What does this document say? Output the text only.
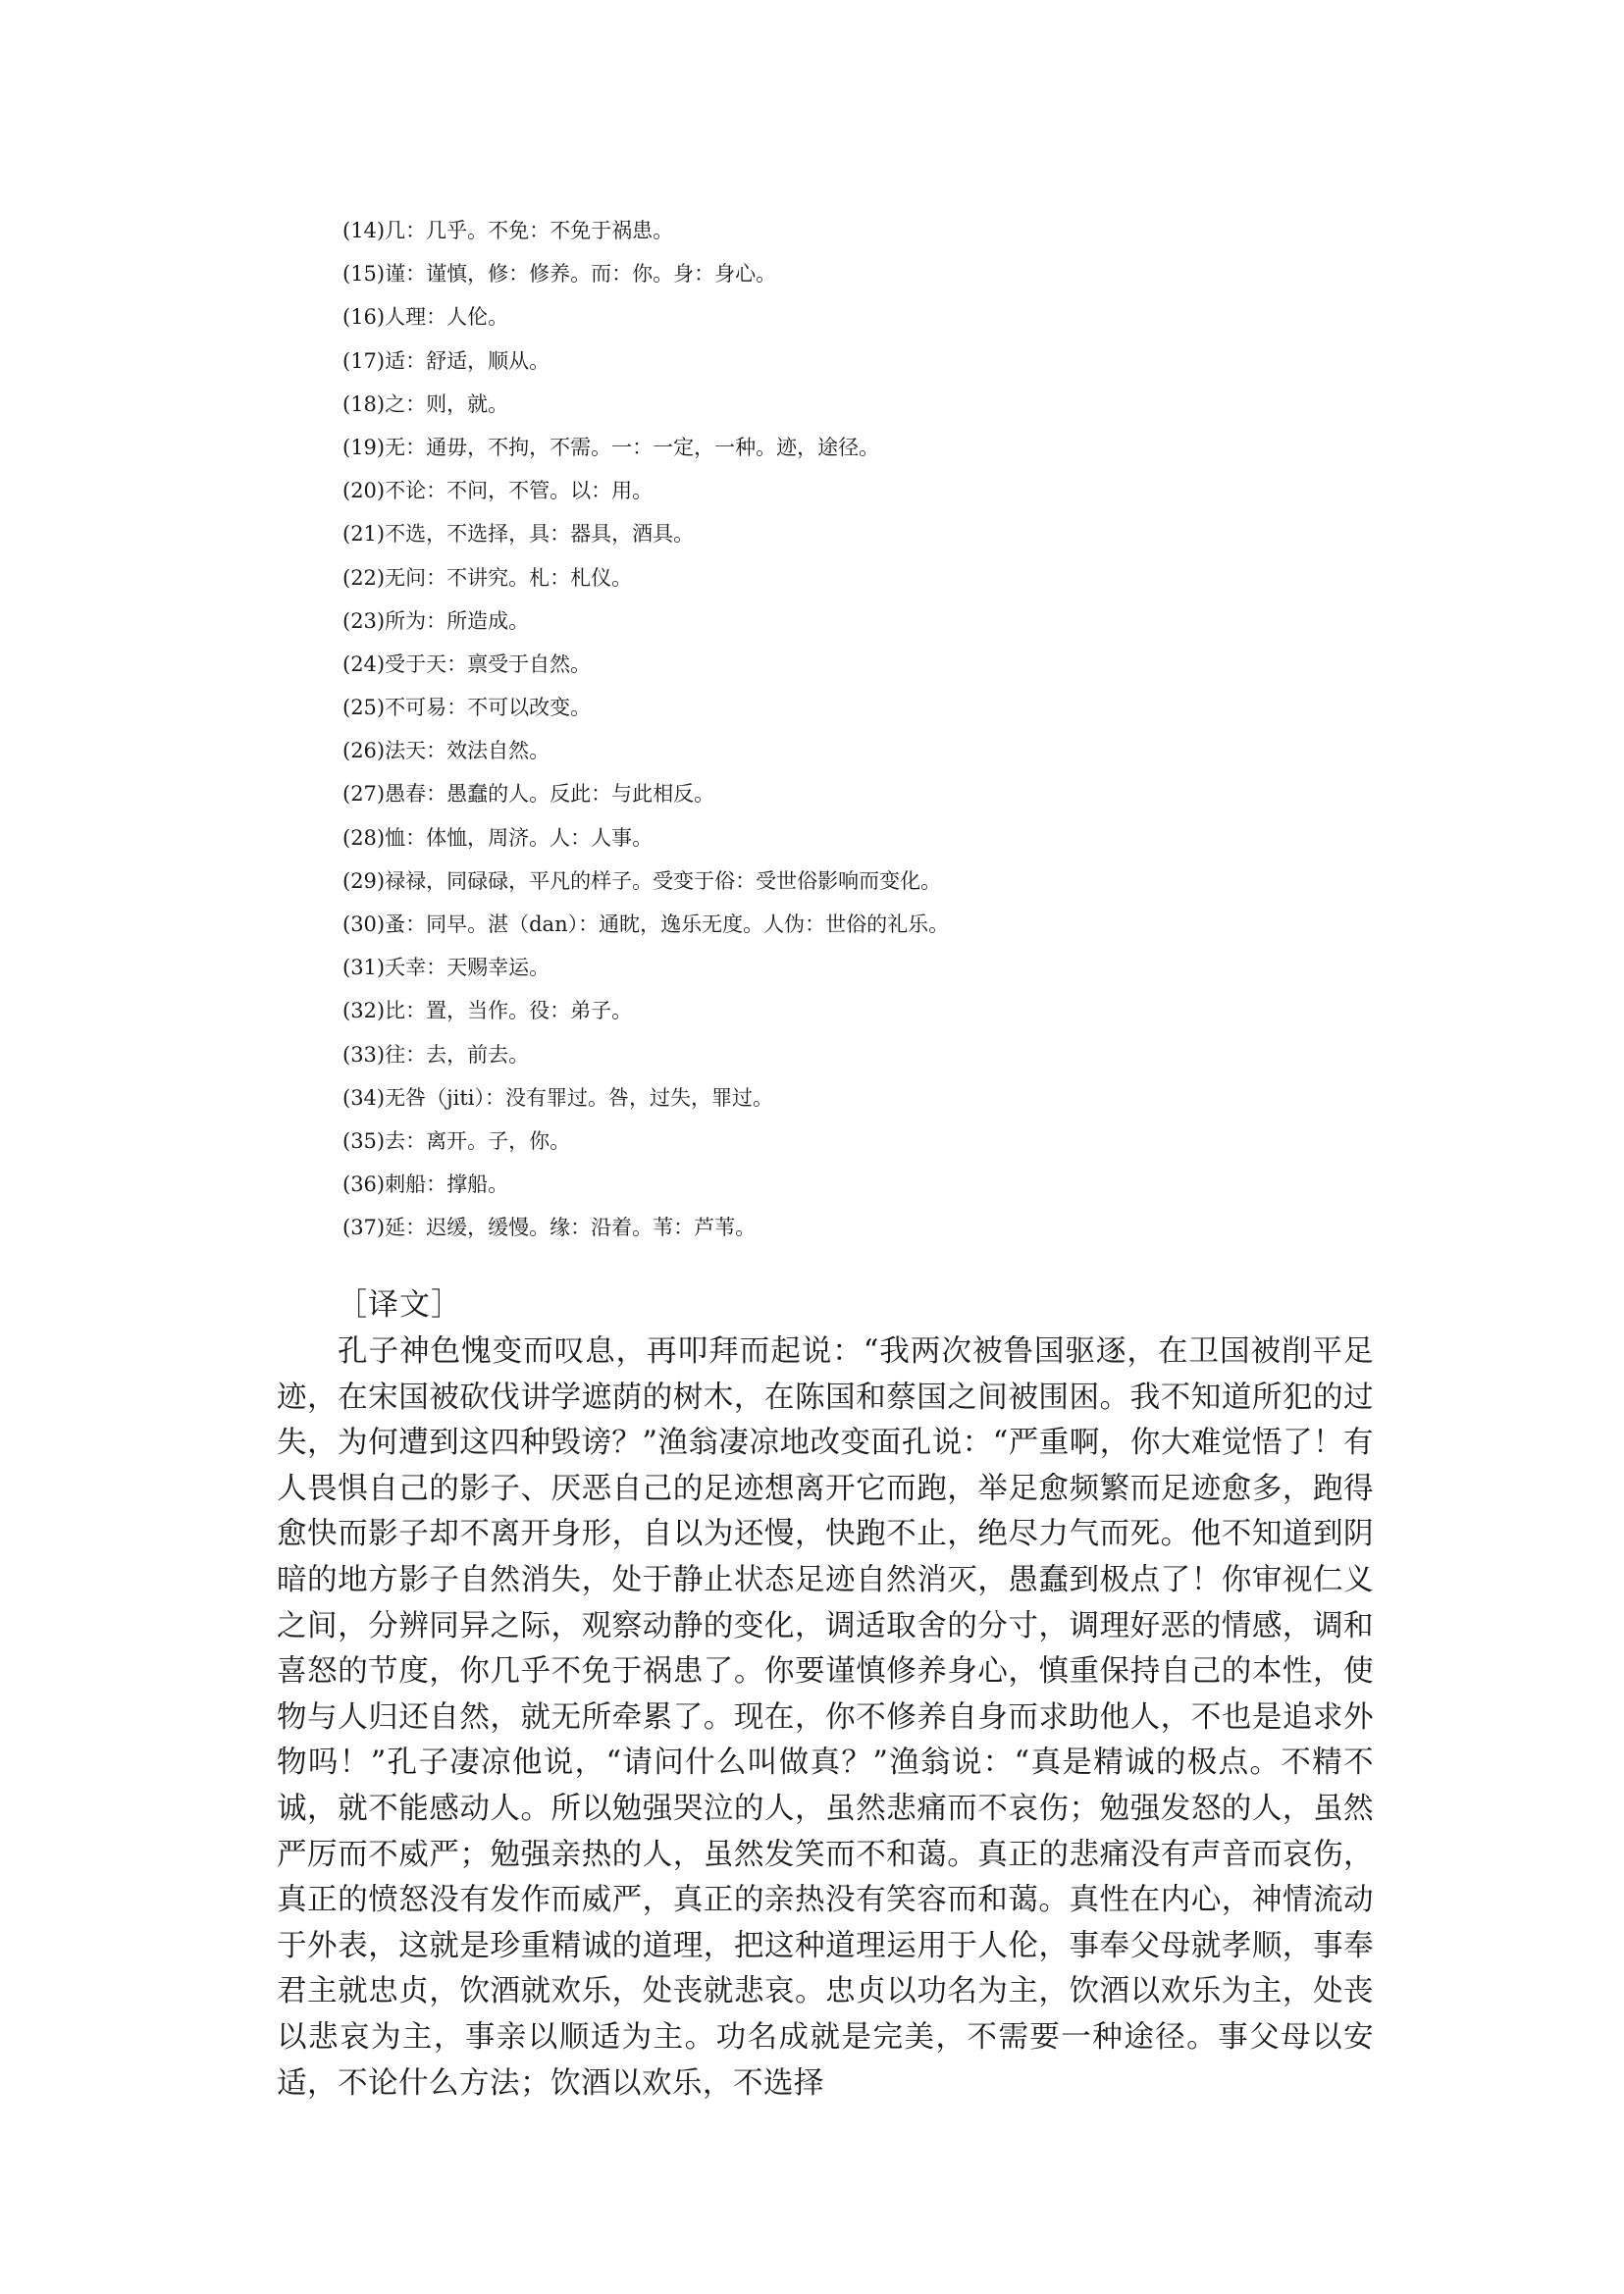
(14)几：几乎。不免：不免于祸患。
(15)谨：谨慎，修：修养。而：你。身：身心。
(16)人理：人伦。
(17)适：舒适，顺从。
(18)之：则，就。
(19)无：通毋，不拘，不需。一：一定，一种。迹，途径。
(20)不论：不问，不管。以：用。
(21)不选，不选择，具：器具，酒具。
(22)无问：不讲究。札：札仪。
(23)所为：所造成。
(24)受于天：禀受于自然。
(25)不可易：不可以改变。
(26)法天：效法自然。
(27)愚春：愚蠢的人。反此：与此相反。
(28)恤：体恤，周济。人：人事。
(29)禄禄，同碌碌，平凡的样子。受变于俗：受世俗影响而变化。
(30)蚤：同早。湛（dan）：通眈，逸乐无度。人伪：世俗的礼乐。
(31)夭幸：天赐幸运。
(32)比：置，当作。役：弟子。
(33)往：去，前去。
(34)无咎（jiti）：没有罪过。咎，过失，罪过。
(35)去：离开。子，你。
(36)刺船：撑船。
(37)延：迟缓，缓慢。缘：沿着。苇：芦苇。
［译文］

孔子神色愧变而叹息，再叩拜而起说：“我两次被鲁国驱逐，在卫国被削平足迹，在宋国被砍伐讲学遮荫的树木，在陈国和蔡国之间被围困。我不知道所犯的过失，为何遭到这四种毁谤？”渔翁凄凉地改变面孔说：“严重啊，你大难觉悟了！有人畏惧自己的影子、厌恶自己的足迹想离开它而跑，举足愈频繁而足迹愈多，跑得愈快而影子却不离开身形，自以为还慢，快跑不止，绝尽力气而死。他不知道到阴暗的地方影子自然消失，处于静止状态足迹自然消灭，愚蠢到极点了！你审视仁义之间，分辨同异之际，观察动静的变化，调适取舍的分寸，调理好恶的情感，调和喜怒的节度，你几乎不免于祸患了。你要谨慎修养身心，慎重保持自己的本性，使物与人归还自然，就无所牵累了。现在，你不修养自身而求助他人，不也是追求外物吗！”孔子凄凉他说，“请问什么叫做真？”渔翁说：“真是精诚的极点。不精不诚，就不能感动人。所以勉强哭泣的人，虽然悲痛而不哀伤；勉强发怒的人，虽然严厉而不威严；勉强亲热的人，虽然发笑而不和蔼。真正的悲痛没有声音而哀伤，真正的愤怒没有发作而威严，真正的亲热没有笑容而和蔼。真性在内心，神情流动于外表，这就是珍重精诚的道理，把这种道理运用于人伦，事奉父母就孝顺，事奉君主就忠贞，饮酒就欢乐，处丧就悲哀。忠贞以功名为主，饮酒以欢乐为主，处丧以悲哀为主，事亲以顺适为主。功名成就是完美，不需要一种途径。事父母以安适，不论什么方法；饮酒以欢乐，不选择
